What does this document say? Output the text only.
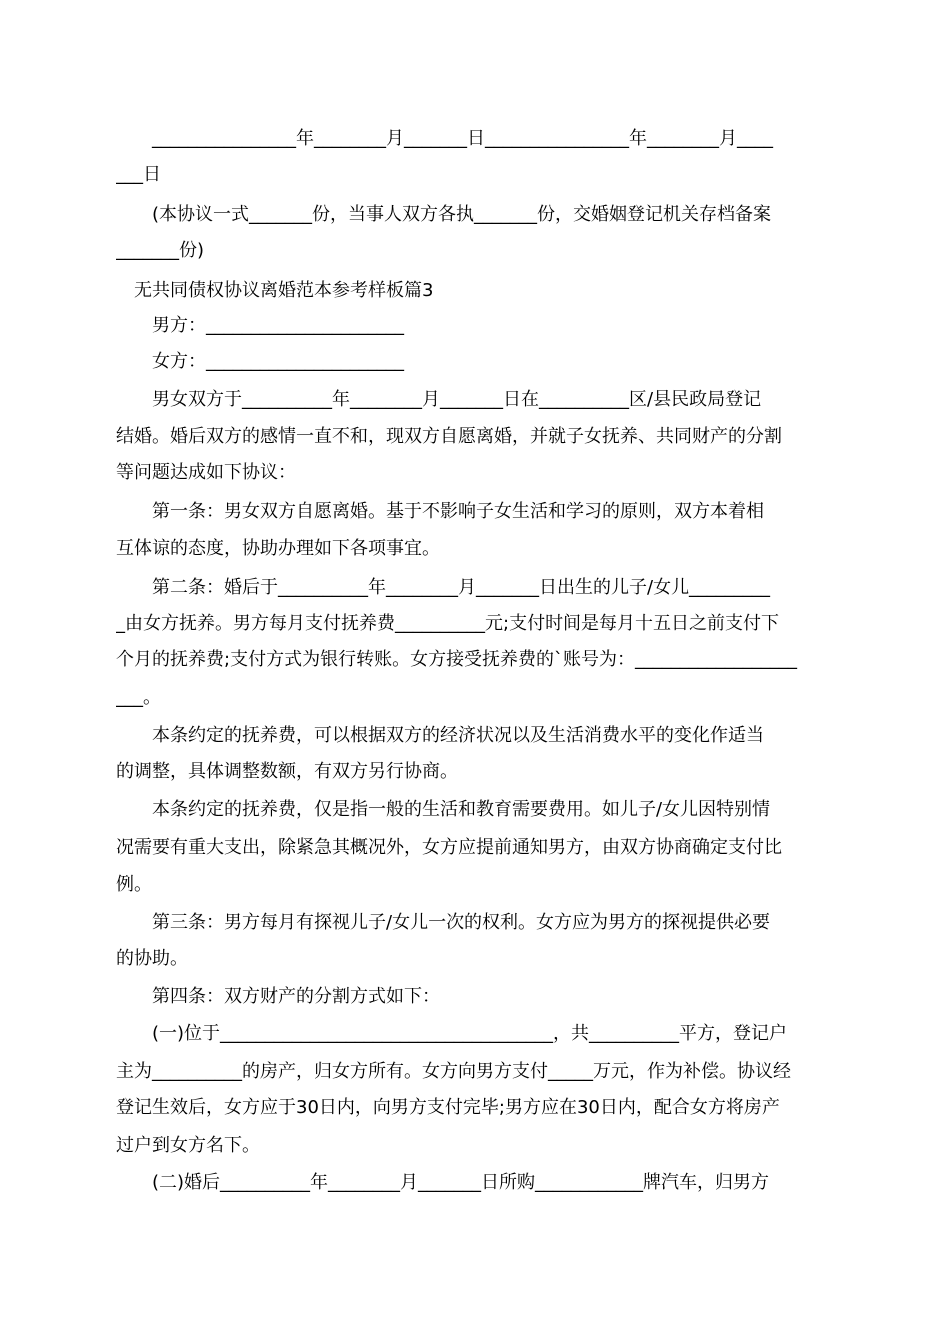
　　________________年________月_______日________________年________月____
___日
　　(本协议一式_______份，当事人双方各执_______份，交婚姻登记机关存档备案
_______份)
　无共同债权协议离婚范本参考样板篇3
　　男方：______________________
　　女方：______________________
　　男女双方于__________年________月_______日在__________区/县民政局登记
结婚。婚后双方的感情一直不和，现双方自愿离婚，并就子女抚养、共同财产的分割
等问题达成如下协议：
　　第一条：男女双方自愿离婚。基于不影响子女生活和学习的原则，双方本着相
互体谅的态度，协助办理如下各项事宜。
　　第二条：婚后于__________年________月_______日出生的儿子/女儿_________
_由女方抚养。男方每月支付抚养费__________元;支付时间是每月十五日之前支付下
个月的抚养费;支付方式为银行转账。女方接受抚养费的`账号为：__________________
___。
　　本条约定的抚养费，可以根据双方的经济状况以及生活消费水平的变化作适当
的调整，具体调整数额，有双方另行协商。
　　本条约定的抚养费，仅是指一般的生活和教育需要费用。如儿子/女儿因特别情
况需要有重大支出，除紧急其概况外，女方应提前通知男方，由双方协商确定支付比
例。
　　第三条：男方每月有探视儿子/女儿一次的权利。女方应为男方的探视提供必要
的协助。
　　第四条：双方财产的分割方式如下：
　　(一)位于_____________________________________，共__________平方，登记户
主为__________的房产，归女方所有。女方向男方支付_____万元，作为补偿。协议经
登记生效后，女方应于30日内，向男方支付完毕;男方应在30日内，配合女方将房产
过户到女方名下。
　　(二)婚后__________年________月_______日所购____________牌汽车，归男方
